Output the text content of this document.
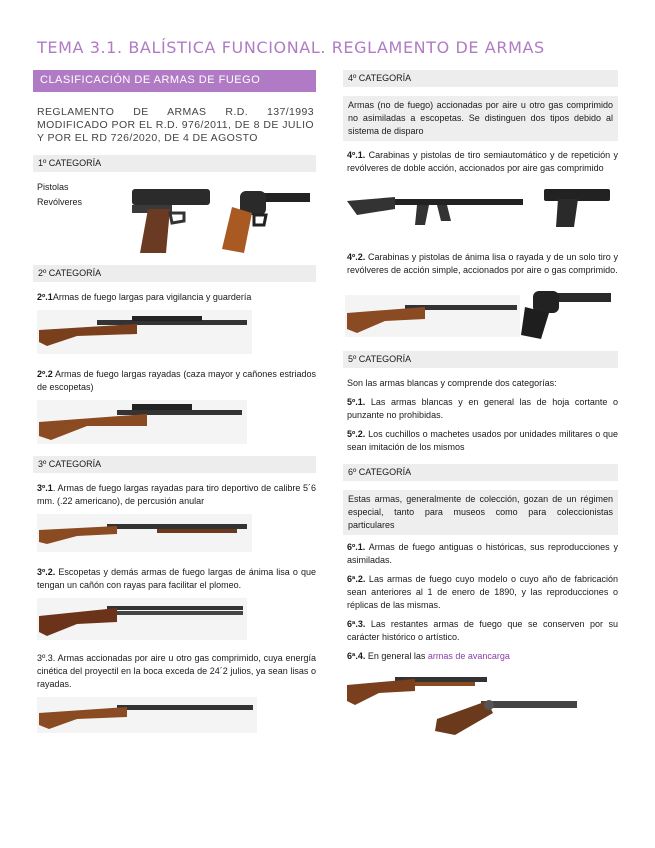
TEMA 3.1. BALÍSTICA FUNCIONAL. REGLAMENTO DE ARMAS
CLASIFICACIÓN DE ARMAS DE FUEGO
REGLAMENTO DE ARMAS R.D. 137/1993 MODIFICADO POR EL R.D. 976/2011, DE 8 DE JULIO Y POR EL RD 726/2020, DE 4 DE AGOSTO
1º CATEGORÍA
Pistolas
Revólveres
2º CATEGORÍA
2º.1Armas de fuego largas para vigilancia y guardería
2º.2 Armas de fuego largas rayadas (caza mayor y cañones estriados de escopetas)
3º CATEGORÍA
3º.1. Armas de fuego largas rayadas para tiro deportivo de calibre 5´6 mm. (.22 americano), de percusión anular
3º.2. Escopetas y demás armas de fuego largas de ánima lisa o que tengan un cañón con rayas para facilitar el plomeo.
3º.3. Armas accionadas por aire u otro gas comprimido, cuya energía cinética del proyectil en la boca exceda de 24´2 julios, ya sean lisas o rayadas.
4º CATEGORÍA
Armas (no de fuego) accionadas por aire u otro gas comprimido no asimiladas a escopetas. Se distinguen dos tipos debido al sistema de disparo
4º.1. Carabinas y pistolas de tiro semiautomático y de repetición y revólveres de doble acción, accionados por aire gas comprimido
4º.2. Carabinas y pistolas de ánima lisa o rayada y de un solo tiro y revólveres de acción simple, accionados por aire o gas comprimido.
5º CATEGORÍA
Son las armas blancas y comprende dos categorías:
5º.1. Las armas blancas y en general las de hoja cortante o punzante no prohibidas.
5º.2. Los cuchillos o machetes usados por unidades militares o que sean imitación de los mismos
6º CATEGORÍA
Estas armas, generalmente de colección, gozan de un régimen especial, tanto para museos como para coleccionistas particulares
6º.1. Armas de fuego antiguas o históricas, sus reproducciones y asimiladas.
6ª.2. Las armas de fuego cuyo modelo o cuyo año de fabricación sean anteriores al 1 de enero de 1890, y las reproducciones o réplicas de las mismas.
6ª.3. Las restantes armas de fuego que se conserven por su carácter histórico o artístico.
6ª.4. En general las armas de avancarga
